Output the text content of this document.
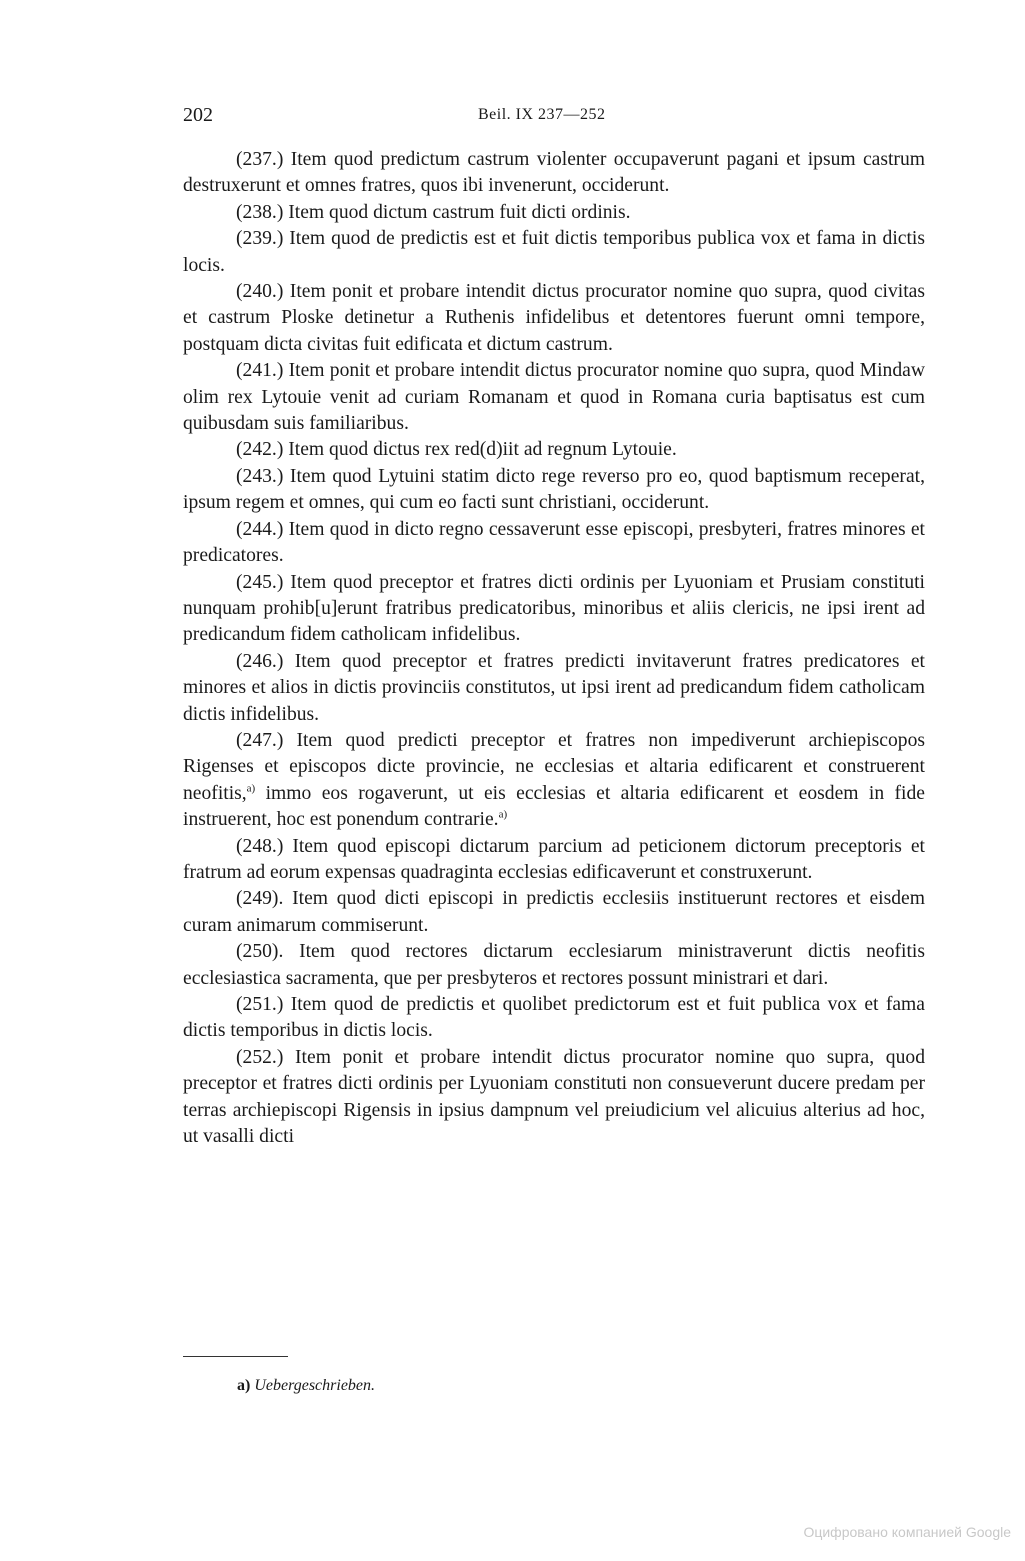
202	Beil. IX 237—252

(237.) Item quod predictum castrum violenter occupaverunt pagani et ipsum castrum destruxerunt et omnes fratres, quos ibi invenerunt, occiderunt.

(238.) Item quod dictum castrum fuit dicti ordinis.

(239.) Item quod de predictis est et fuit dictis temporibus publica vox et fama in dictis locis.

(240.) Item ponit et probare intendit dictus procurator nomine quo supra, quod civitas et castrum Ploske detinetur a Ruthenis infidelibus et detentores fuerunt omni tempore, postquam dicta civitas fuit edificata et dictum castrum.

(241.) Item ponit et probare intendit dictus procurator nomine quo supra, quod Mindaw olim rex Lytouie venit ad curiam Romanam et quod in Romana curia baptisatus est cum quibusdam suis familiaribus.

(242.) Item quod dictus rex red(d)iit ad regnum Lytouie.

(243.) Item quod Lytuini statim dicto rege reverso pro eo, quod baptismum receperat, ipsum regem et omnes, qui cum eo facti sunt christiani, occiderunt.

(244.) Item quod in dicto regno cessaverunt esse episcopi, presbyteri, fratres minores et predicatores.

(245.) Item quod preceptor et fratres dicti ordinis per Lyuoniam et Prusiam constituti nunquam prohib[u]erunt fratribus predicatoribus, minoribus et aliis clericis, ne ipsi irent ad predicandum fidem catholicam infidelibus.

(246.) Item quod preceptor et fratres predicti invitaverunt fratres predicatores et minores et alios in dictis provinciis constitutos, ut ipsi irent ad predicandum fidem catholicam dictis infidelibus.

(247.) Item quod predicti preceptor et fratres non impediverunt archiepiscopos Rigenses et episcopos dicte provincie, ne ecclesias et altaria edificarent et construerent neofitis,$^{a)}$ immo eos rogaverunt, ut eis ecclesias et altaria edificarent et eosdem in fide instruerent, hoc est ponendum contrarie.$^{a)}$

(248.) Item quod episcopi dictarum parcium ad peticionem dictorum preceptoris et fratrum ad eorum expensas quadraginta ecclesias edificaverunt et construxerunt.

(249). Item quod dicti episcopi in predictis ecclesiis instituerunt rectores et eisdem curam animarum commiserunt.

(250). Item quod rectores dictarum ecclesiarum ministraverunt dictis neofitis ecclesiastica sacramenta, que per presbyteros et rectores possunt ministrari et dari.

(251.) Item quod de predictis et quolibet predictorum est et fuit publica vox et fama dictis temporibus in dictis locis.

(252.) Item ponit et probare intendit dictus procurator nomine quo supra, quod preceptor et fratres dicti ordinis per Lyuoniam constituti non consueverunt ducere predam per terras archiepiscopi Rigensis in ipsius dampnum vel preiudicium vel alicuius alterius ad hoc, ut vasalli dicti

a) Uebergeschrieben.
Оцифровано компанией Google
